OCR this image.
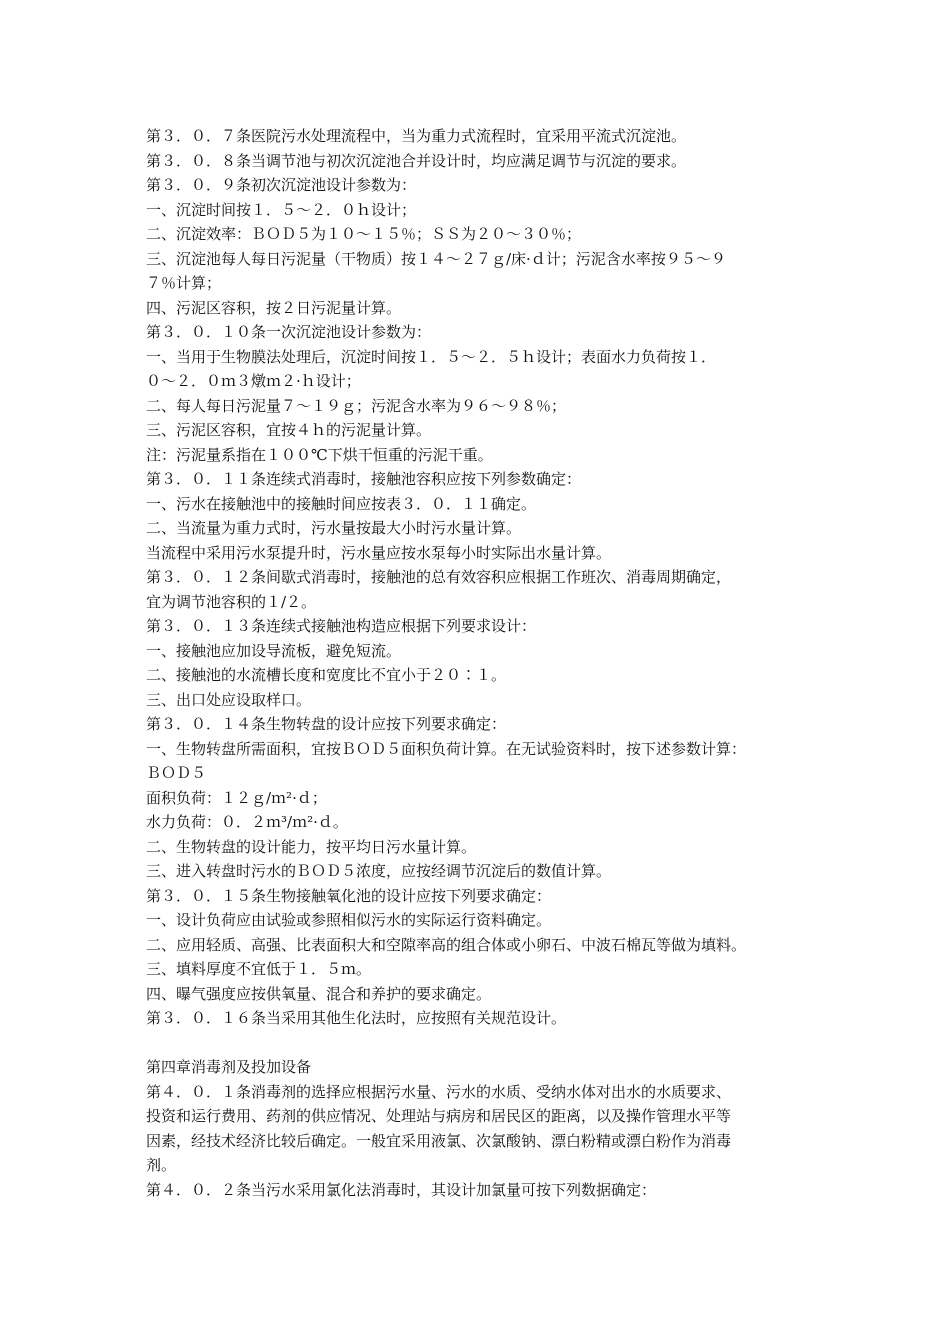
第３．０．７条医院污水处理流程中，当为重力式流程时，宜采用平流式沉淀池。
第３．０．８条当调节池与初次沉淀池合并设计时，均应满足调节与沉淀的要求。
第３．０．９条初次沉淀池设计参数为：
一、沉淀时间按１．５～２．０ｈ设计；
二、沉淀效率：ＢＯＤ５为１０～１５％；ＳＳ为２０～３０％；
三、沉淀池每人每日污泥量（干物质）按１４～２７ｇ/床·ｄ计；污泥含水率按９５～９
７％计算；
四、污泥区容积，按２日污泥量计算。
第３．０．１０条一次沉淀池设计参数为：
一、当用于生物膜法处理后，沉淀时间按１．５～２．５ｈ设计；表面水力负荷按１．
０～２．０ｍ３燉ｍ２·ｈ设计；
二、每人每日污泥量７～１９ｇ；污泥含水率为９６～９８％；
三、污泥区容积，宜按４ｈ的污泥量计算。
注：污泥量系指在１００℃下烘干恒重的污泥干重。
第３．０．１１条连续式消毒时，接触池容积应按下列参数确定：
一、污水在接触池中的接触时间应按表３．０．１１确定。
二、当流量为重力式时，污水量按最大小时污水量计算。
当流程中采用污水泵提升时，污水量应按水泵每小时实际出水量计算。
第３．０．１２条间歇式消毒时，接触池的总有效容积应根据工作班次、消毒周期确定，
宜为调节池容积的１/２。
第３．０．１３条连续式接触池构造应根据下列要求设计：
一、接触池应加设导流板，避免短流。
二、接触池的水流槽长度和宽度比不宜小于２０∶１。
三、出口处应设取样口。
第３．０．１４条生物转盘的设计应按下列要求确定：
一、生物转盘所需面积，宜按ＢＯＤ５面积负荷计算。在无试验资料时，按下述参数计算：
ＢＯＤ５
面积负荷：１２ｇ/ｍ²·ｄ；
水力负荷：０．２ｍ³/ｍ²·ｄ。
二、生物转盘的设计能力，按平均日污水量计算。
三、进入转盘时污水的ＢＯＤ５浓度，应按经调节沉淀后的数值计算。
第３．０．１５条生物接触氧化池的设计应按下列要求确定：
一、设计负荷应由试验或参照相似污水的实际运行资料确定。
二、应用轻质、高强、比表面积大和空隙率高的组合体或小卵石、中波石棉瓦等做为填料。
三、填料厚度不宜低于１．５ｍ。
四、曝气强度应按供氧量、混合和养护的要求确定。
第３．０．１６条当采用其他生化法时，应按照有关规范设计。
第四章消毒剂及投加设备
第４．０．１条消毒剂的选择应根据污水量、污水的水质、受纳水体对出水的水质要求、
投资和运行费用、药剂的供应情况、处理站与病房和居民区的距离，以及操作管理水平等
因素，经技术经济比较后确定。一般宜采用液氯、次氯酸钠、漂白粉精或漂白粉作为消毒
剂。
第４．０．２条当污水采用氯化法消毒时，其设计加氯量可按下列数据确定：
